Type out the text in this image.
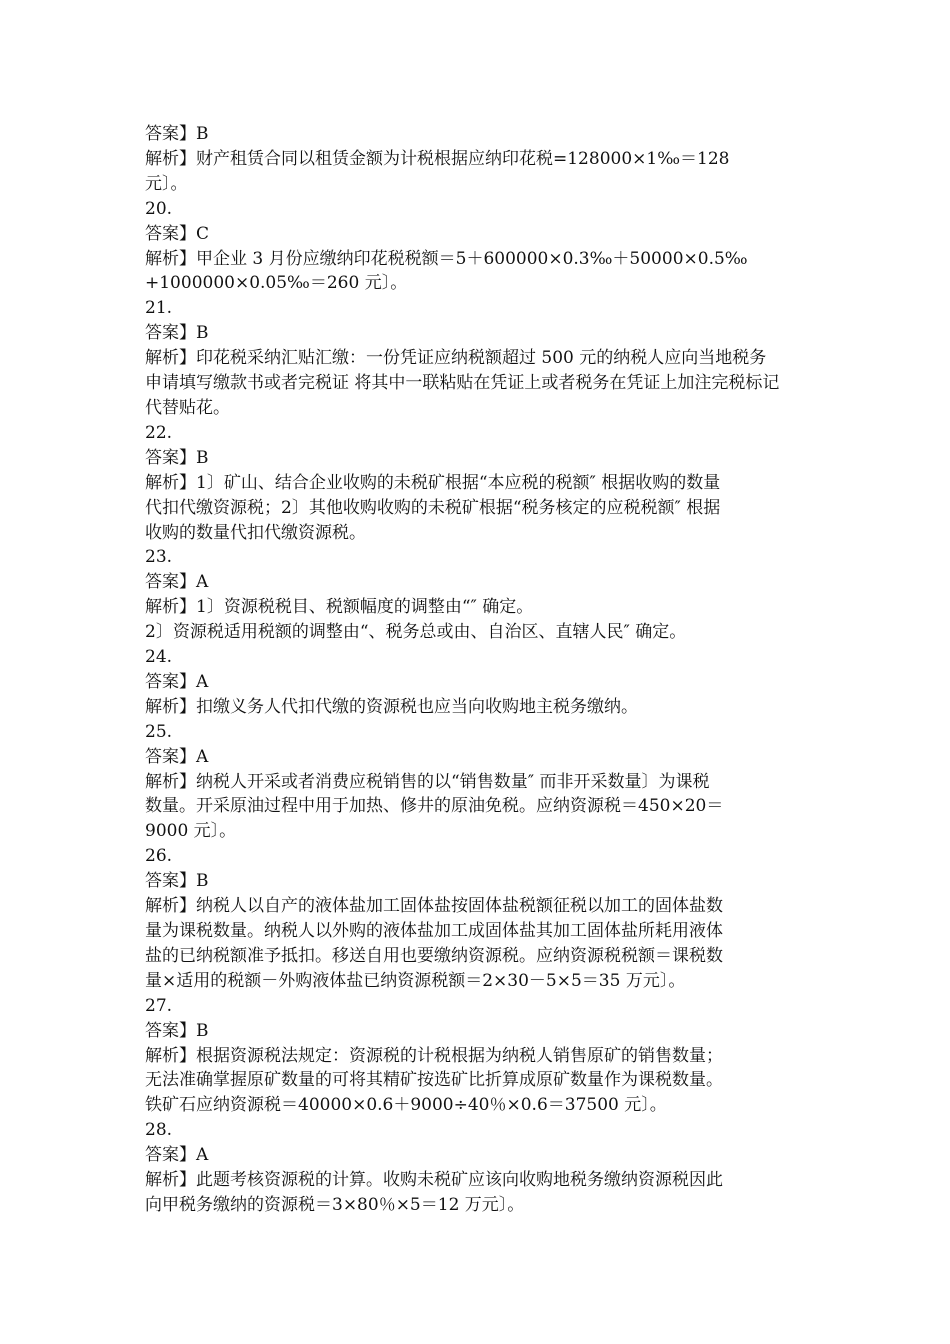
答案】B
解析】财产租赁合同以租赁金额为计税根据应纳印花税=128000×1‰＝128
元〕。
20.
答案】C
解析】甲企业 3 月份应缴纳印花税税额＝5＋600000×0.3‰＋50000×0.5‰
+1000000×0.05‰＝260 元〕。
21.
答案】B
解析】印花税采纳汇贴汇缴：一份凭证应纳税额超过 500 元的纳税人应向当地税务
申请填写缴款书或者完税证 将其中一联粘贴在凭证上或者税务在凭证上加注完税标记
代替贴花。
22.
答案】B
解析】1〕矿山、结合企业收购的未税矿根据“本应税的税额″ 根据收购的数量
代扣代缴资源税；2〕其他收购收购的未税矿根据“税务核定的应税税额″ 根据
收购的数量代扣代缴资源税。
23.
答案】A
解析】1〕资源税税目、税额幅度的调整由“″ 确定。
2〕资源税适用税额的调整由“、税务总或由、自治区、直辖人民″ 确定。
24.
答案】A
解析】扣缴义务人代扣代缴的资源税也应当向收购地主税务缴纳。
25.
答案】A
解析】纳税人开采或者消费应税销售的以“销售数量″ 而非开采数量〕为课税
数量。开采原油过程中用于加热、修井的原油免税。应纳资源税＝450×20＝
9000 元〕。
26.
答案】B
解析】纳税人以自产的液体盐加工固体盐按固体盐税额征税以加工的固体盐数
量为课税数量。纳税人以外购的液体盐加工成固体盐其加工固体盐所耗用液体
盐的已纳税额准予抵扣。移送自用也要缴纳资源税。应纳资源税税额＝课税数
量×适用的税额－外购液体盐已纳资源税额＝2×30－5×5＝35 万元〕。
27.
答案】B
解析】根据资源税法规定：资源税的计税根据为纳税人销售原矿的销售数量；
无法准确掌握原矿数量的可将其精矿按选矿比折算成原矿数量作为课税数量。
铁矿石应纳资源税＝40000×0.6＋9000÷40％×0.6＝37500 元〕。
28.
答案】A
解析】此题考核资源税的计算。收购未税矿应该向收购地税务缴纳资源税因此
向甲税务缴纳的资源税＝3×80％×5＝12 万元〕。
